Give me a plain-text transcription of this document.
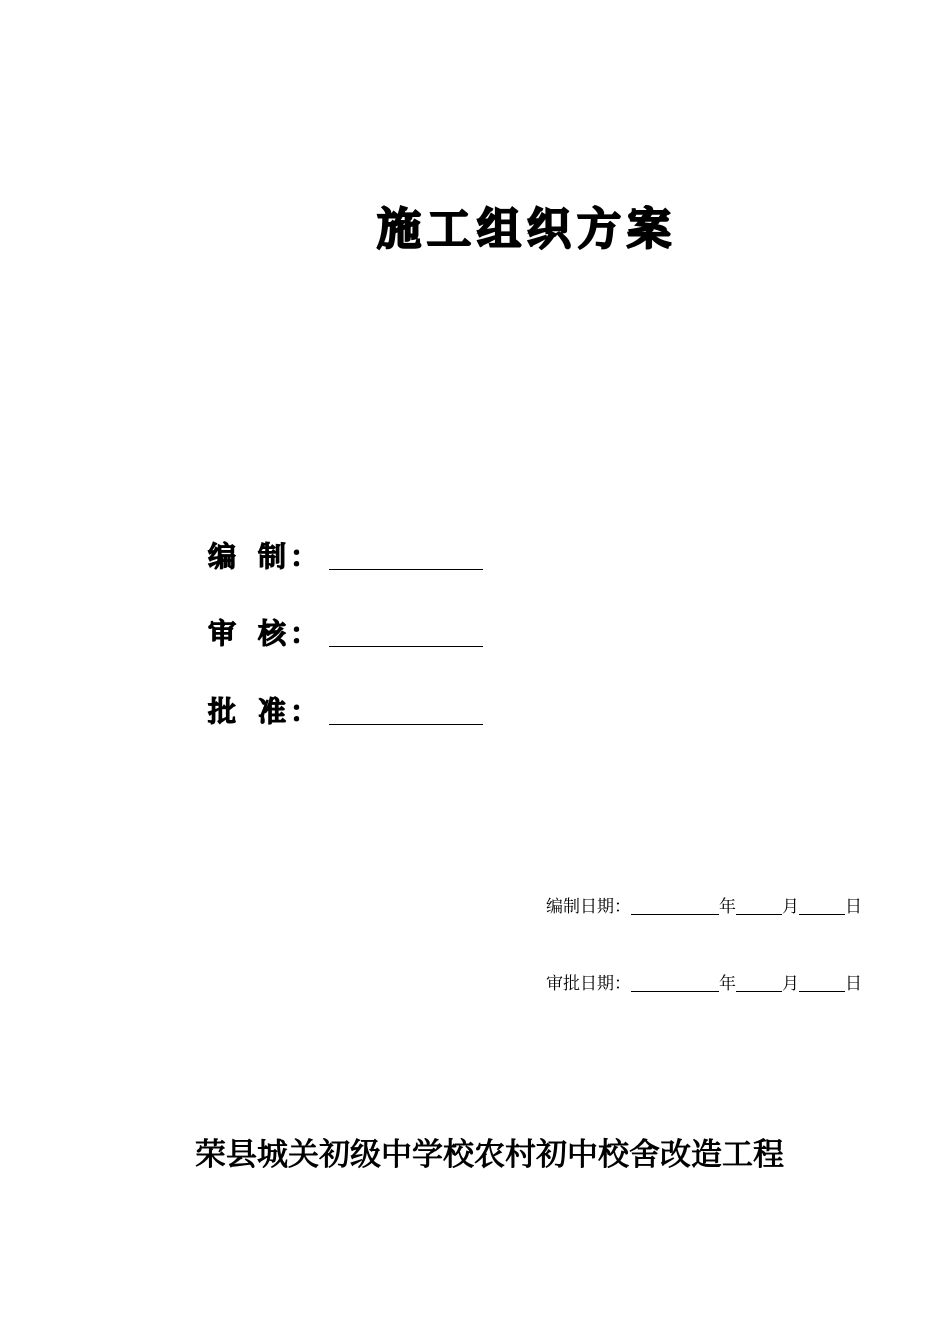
施工组织方案
编 制 ：
审 核 ：
批 准 ：
编制日期：	年	月	日
审批日期：	年	月	日
荣县城关初级中学校农村初中校舍改造工程
